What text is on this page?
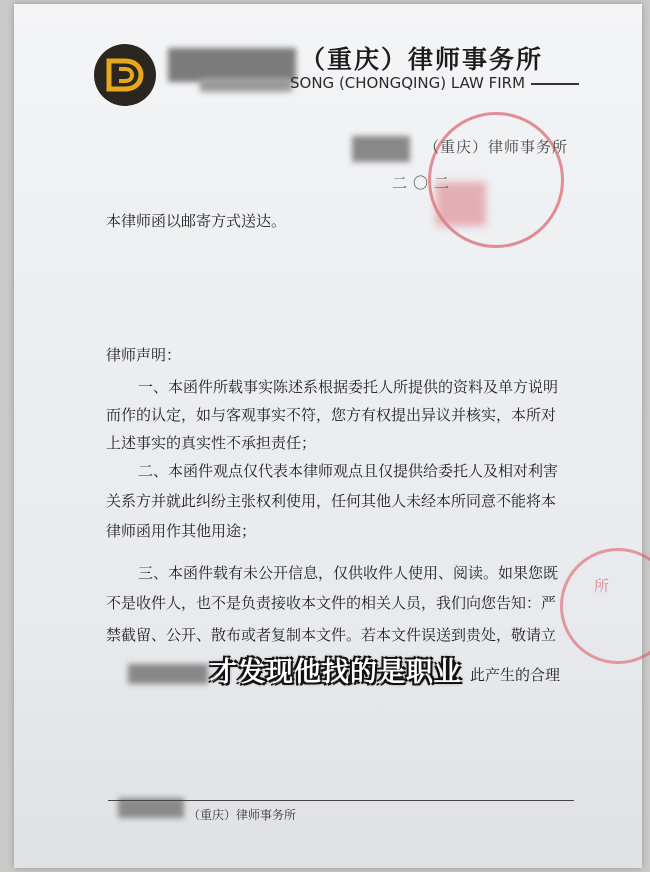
（重庆）律师事务所
SONG (CHONGQING) LAW FIRM
（重庆）律师事务所
二〇二
本律师函以邮寄方式送达。
律师声明：
一、本函件所载事实陈述系根据委托人所提供的资料及单方说明
而作的认定，如与客观事实不符，您方有权提出异议并核实，本所对
上述事实的真实性不承担责任；
二、本函件观点仅代表本律师观点且仅提供给委托人及相对利害
关系方并就此纠纷主张权利使用，任何其他人未经本所同意不能将本
律师函用作其他用途；
三、本函件载有未公开信息，仅供收件人使用、阅读。如果您既
不是收件人，也不是负责接收本文件的相关人员，我们向您告知：严
禁截留、公开、散布或者复制本文件。若本文件误送到贵处，敬请立
此产生的合理
所
才发现他找的是职业
（重庆）律师事务所
